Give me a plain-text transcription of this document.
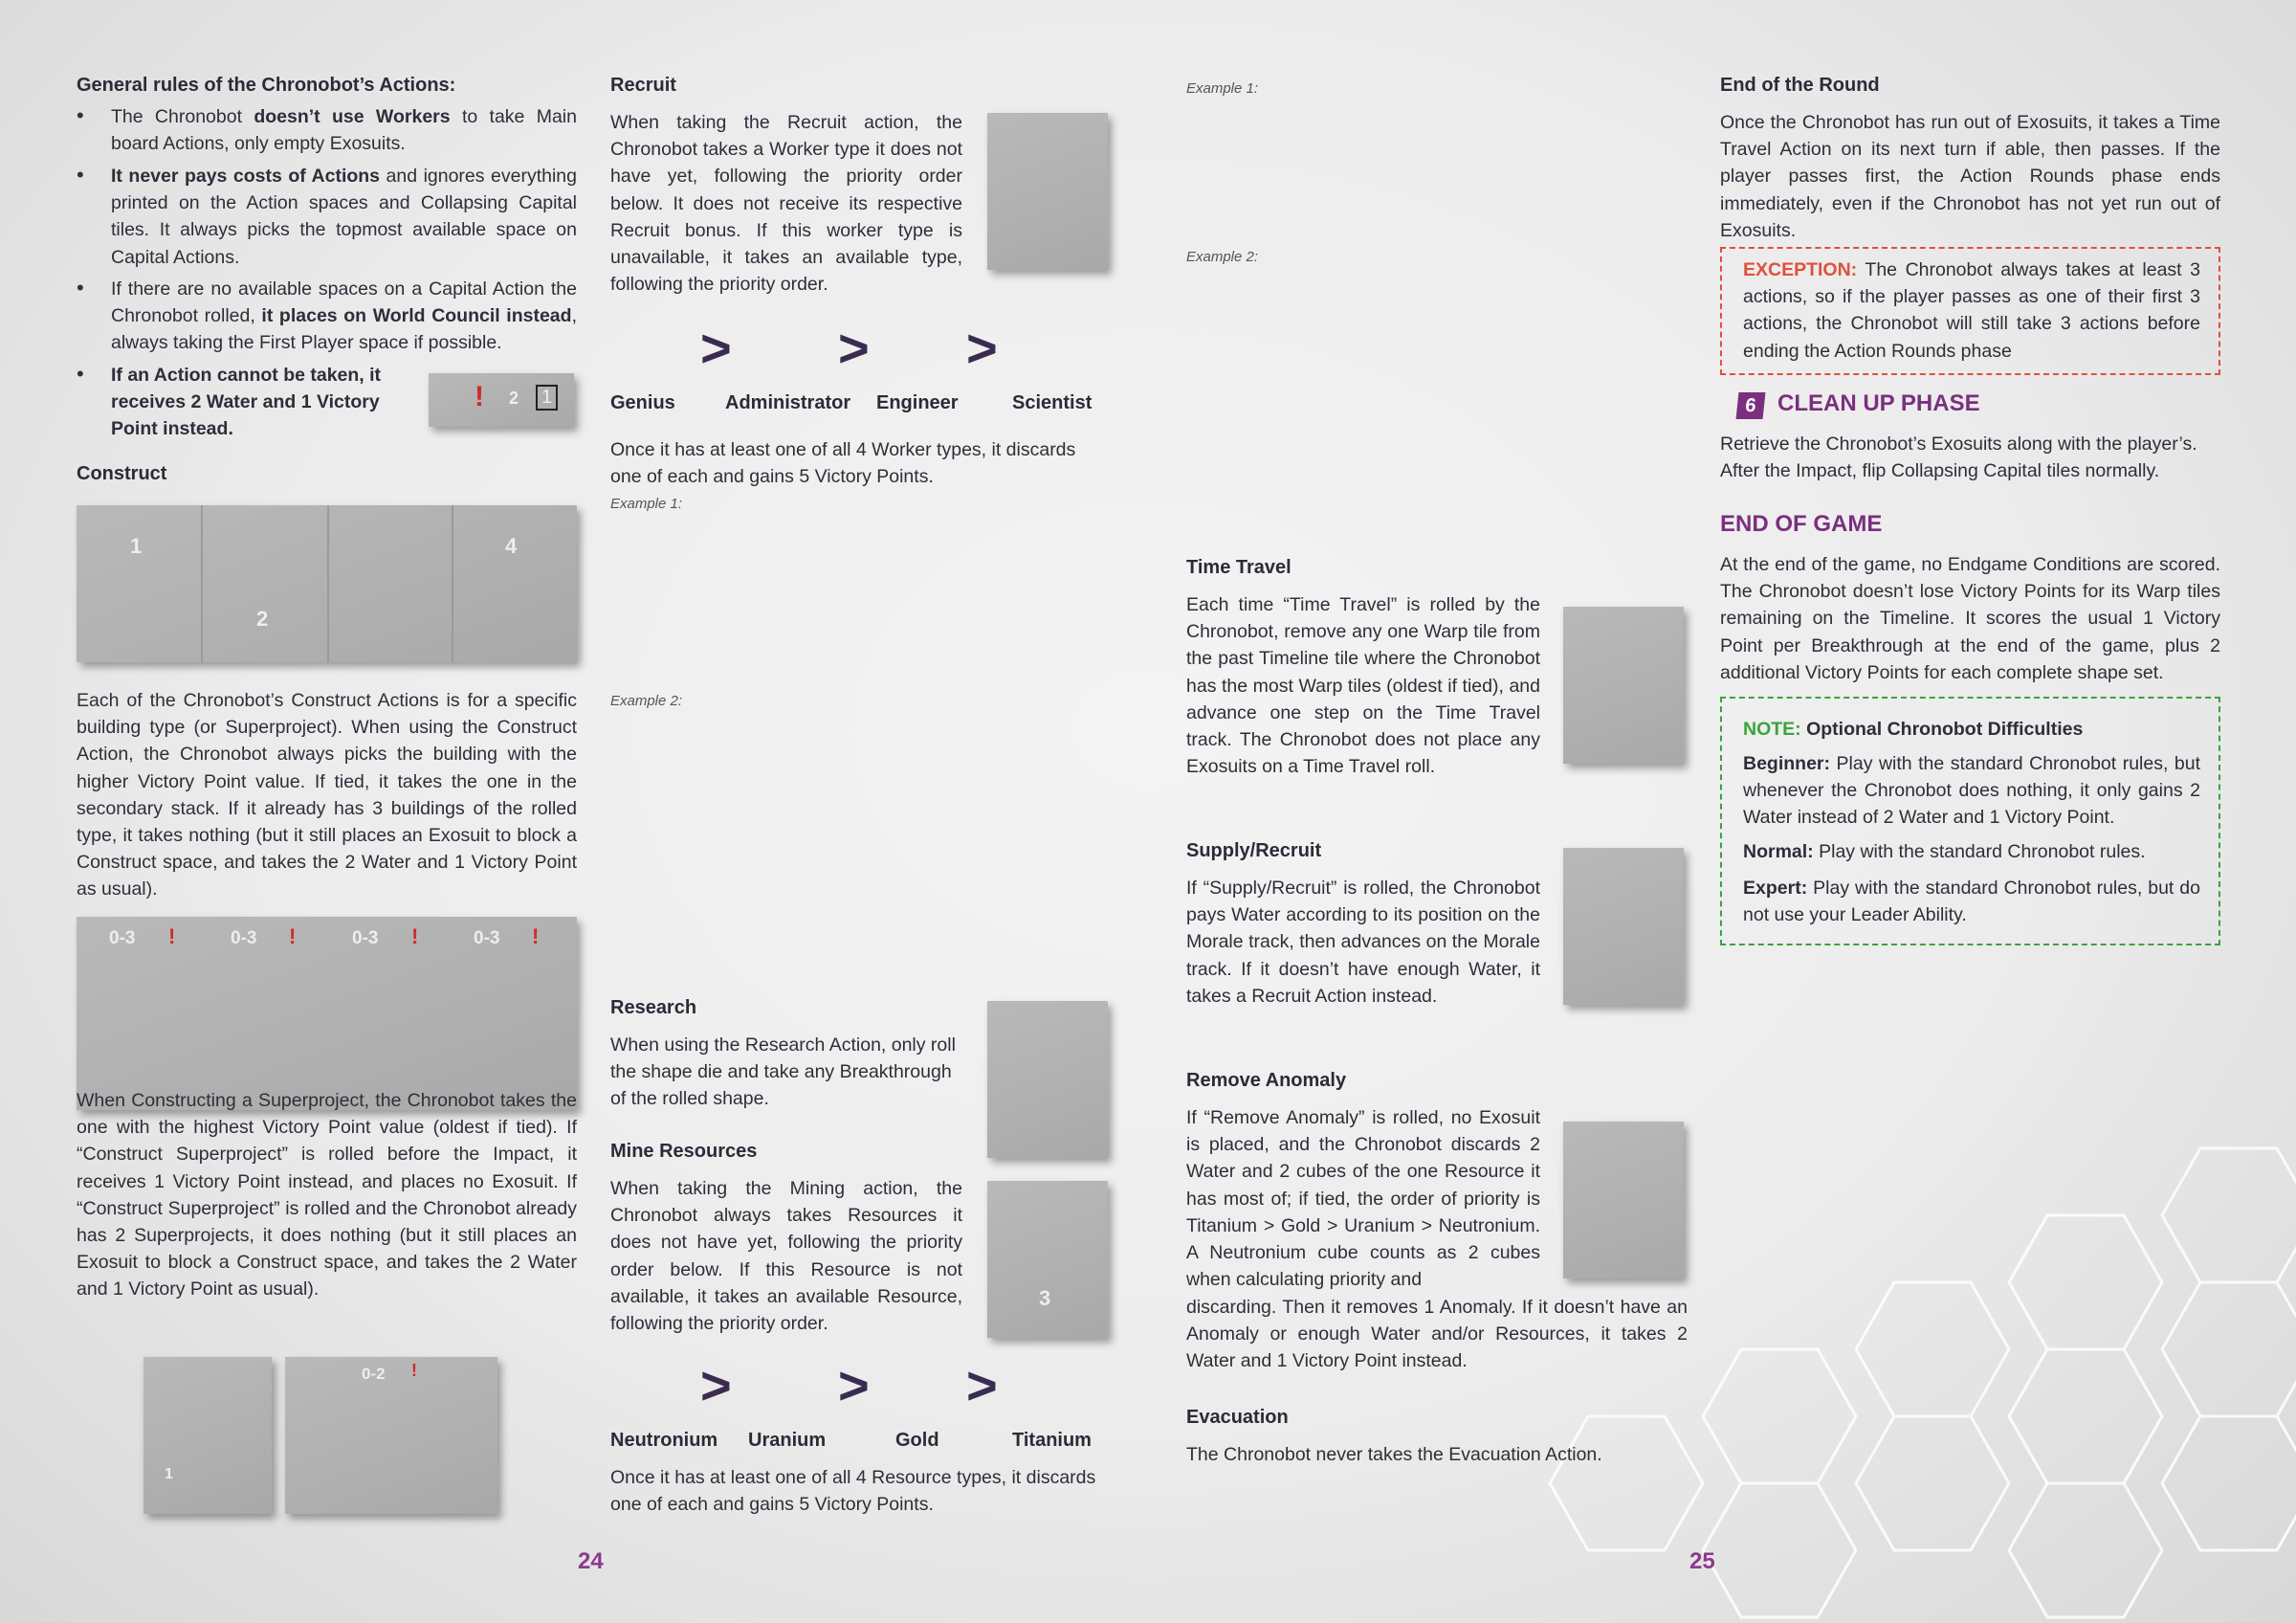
General rules of the Chronobot’s Actions:
• The Chronobot doesn’t use Workers to take Main board Actions, only empty Exosuits.

• It never pays costs of Actions and ignores everything printed on the Action spaces and Collapsing Capital tiles. It always picks the topmost available space on Capital Actions.

• If there are no available spaces on a Capital Action the Chronobot rolled, it places on World Council instead, always taking the First Player space if possible.

• If an Action cannot be taken, it receives 2 Water and 1 Victory Point instead.

! 2	1
Construct
1
2
4

Each of the Chronobot’s Construct Actions is for a specific building type (or Superproject). When using the Construct Action, the Chronobot always picks the building with the higher Victory Point value. If tied, it takes the one in the secondary stack. If it already has 3 buildings of the rolled type, it takes nothing (but it still places an Exosuit to block a Construct space, and takes the 2 Water and 1 Victory Point as usual).

0-3 !	0-3 !	0-3 !	0-3 !

When Constructing a Superproject, the Chronobot takes the one with the highest Victory Point value (oldest if tied). If “Construct Superproject” is rolled before the Impact, it receives 1 Victory Point instead, and places no Exosuit. If “Construct Superproject” is rolled and the Chronobot already has 2 Superprojects, it does nothing (but it still places an Exosuit to block a Construct space, and takes the 2 Water and 1 Victory Point as usual).

1
0-2 !
24
Recruit

When taking the Recruit action, the Chronobot takes a Worker type it does not have yet, following the priority order below. It does not receive its respective Recruit bonus. If this worker type is unavailable, it takes an available type, following the priority order.

> > >
Genius	Administrator Engineer	Scientist

Once it has at least one of all 4 Worker types, it discards one of each and gains 5 Victory Points.

Example 1:

Example 2:

Research

When using the Research Action, only roll the shape die and take any Breakthrough of the rolled shape.

Mine Resources

When taking the Mining action, the Chronobot always takes Resources it does not have yet, following the priority order below. If this Resource is not available, it takes an available Resource, following the priority order.

3
> > >
Neutronium Uranium	Gold	Titanium

Once it has at least one of all 4 Resource types, it discards one of each and gains 5 Victory Points.

Example 1:

Example 2:

Time Travel

Each time “Time Travel” is rolled by the Chronobot, remove any one Warp tile from the past Timeline tile where the Chronobot has the most Warp tiles (oldest if tied), and advance one step on the Time Travel track. The Chronobot does not place any Exosuits on a Time Travel roll.

Supply/Recruit

If “Supply/Recruit” is rolled, the Chronobot pays Water according to its position on the Morale track, then advances on the Morale track. If it doesn’t have enough Water, it takes a Recruit Action instead.

Remove Anomaly

If “Remove Anomaly” is rolled, no Exosuit is placed, and the Chronobot discards 2 Water and 2 cubes of the one Resource it has most of; if tied, the order of priority is Titanium > Gold > Uranium > Neutronium. A Neutronium cube counts as 2 cubes when calculating priority and

discarding. Then it removes 1 Anomaly. If it doesn’t have an Anomaly or enough Water and/or Resources, it takes 2 Water and 1 Victory Point instead.

Evacuation

The Chronobot never takes the Evacuation Action.

End of the Round

Once the Chronobot has run out of Exosuits, it takes a Time Travel Action on its next turn if able, then passes. If the player passes first, the Action Rounds phase ends immediately, even if the Chronobot has not yet run out of Exosuits.

EXCEPTION: The Chronobot always takes at least 3 actions, so if the player passes as one of their first 3 actions, the Chronobot will still take 3 actions before ending the Action Rounds phase

6 CLEAN UP PHASE

Retrieve the Chronobot’s Exosuits along with the player’s. After the Impact, flip Collapsing Capital tiles normally.

END OF GAME

At the end of the game, no Endgame Conditions are scored. The Chronobot doesn’t lose Victory Points for its Warp tiles remaining on the Timeline. It scores the usual 1 Victory Point per Breakthrough at the end of the game, plus 2 additional Victory Points for each complete shape set.

NOTE: Optional Chronobot Difficulties

Beginner: Play with the standard Chronobot rules, but whenever the Chronobot does nothing, it only gains 2 Water instead of 2 Water and 1 Victory Point.

Normal: Play with the standard Chronobot rules.

Expert: Play with the standard Chronobot rules, but do not use your Leader Ability.

25
